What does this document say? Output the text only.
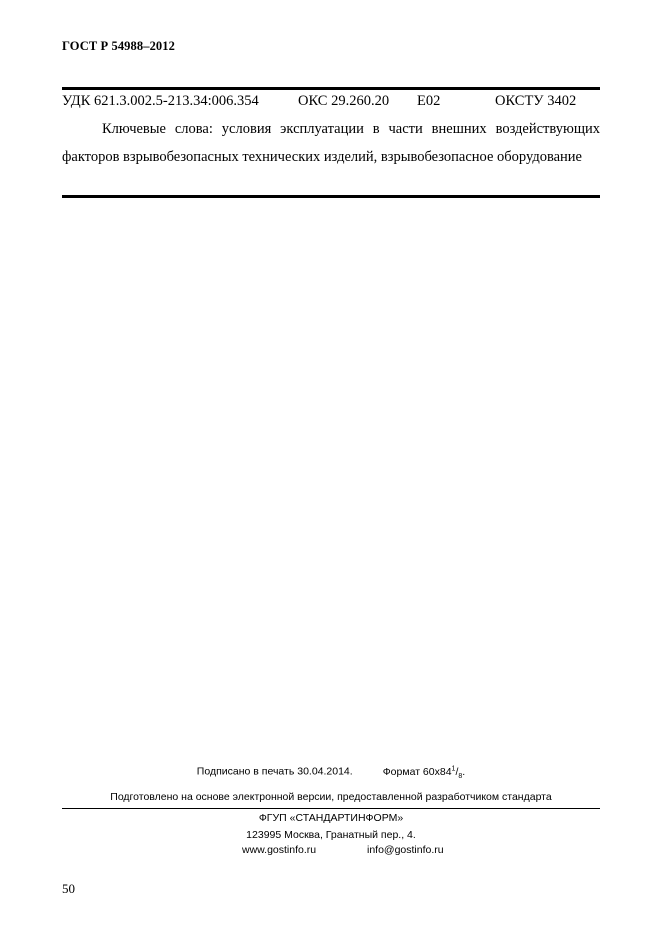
ГОСТ Р 54988–2012
УДК 621.3.002.5-213.34:006.354	ОКС 29.260.20 Е02	ОКСТУ 3402
Ключевые слова: условия эксплуатации в части внешних воздействующих факторов взрывобезопасных технических изделий, взрывобезопасное оборудование
Подписано в печать 30.04.2014.	Формат $60x84^1/_8$.
Подготовлено на основе электронной версии, предоставленной разработчиком стандарта
ФГУП «СТАНДАРТИНФОРМ»
123995 Москва, Гранатный пер., 4.
www.gostinfo.ru	info@gostinfo.ru
50
